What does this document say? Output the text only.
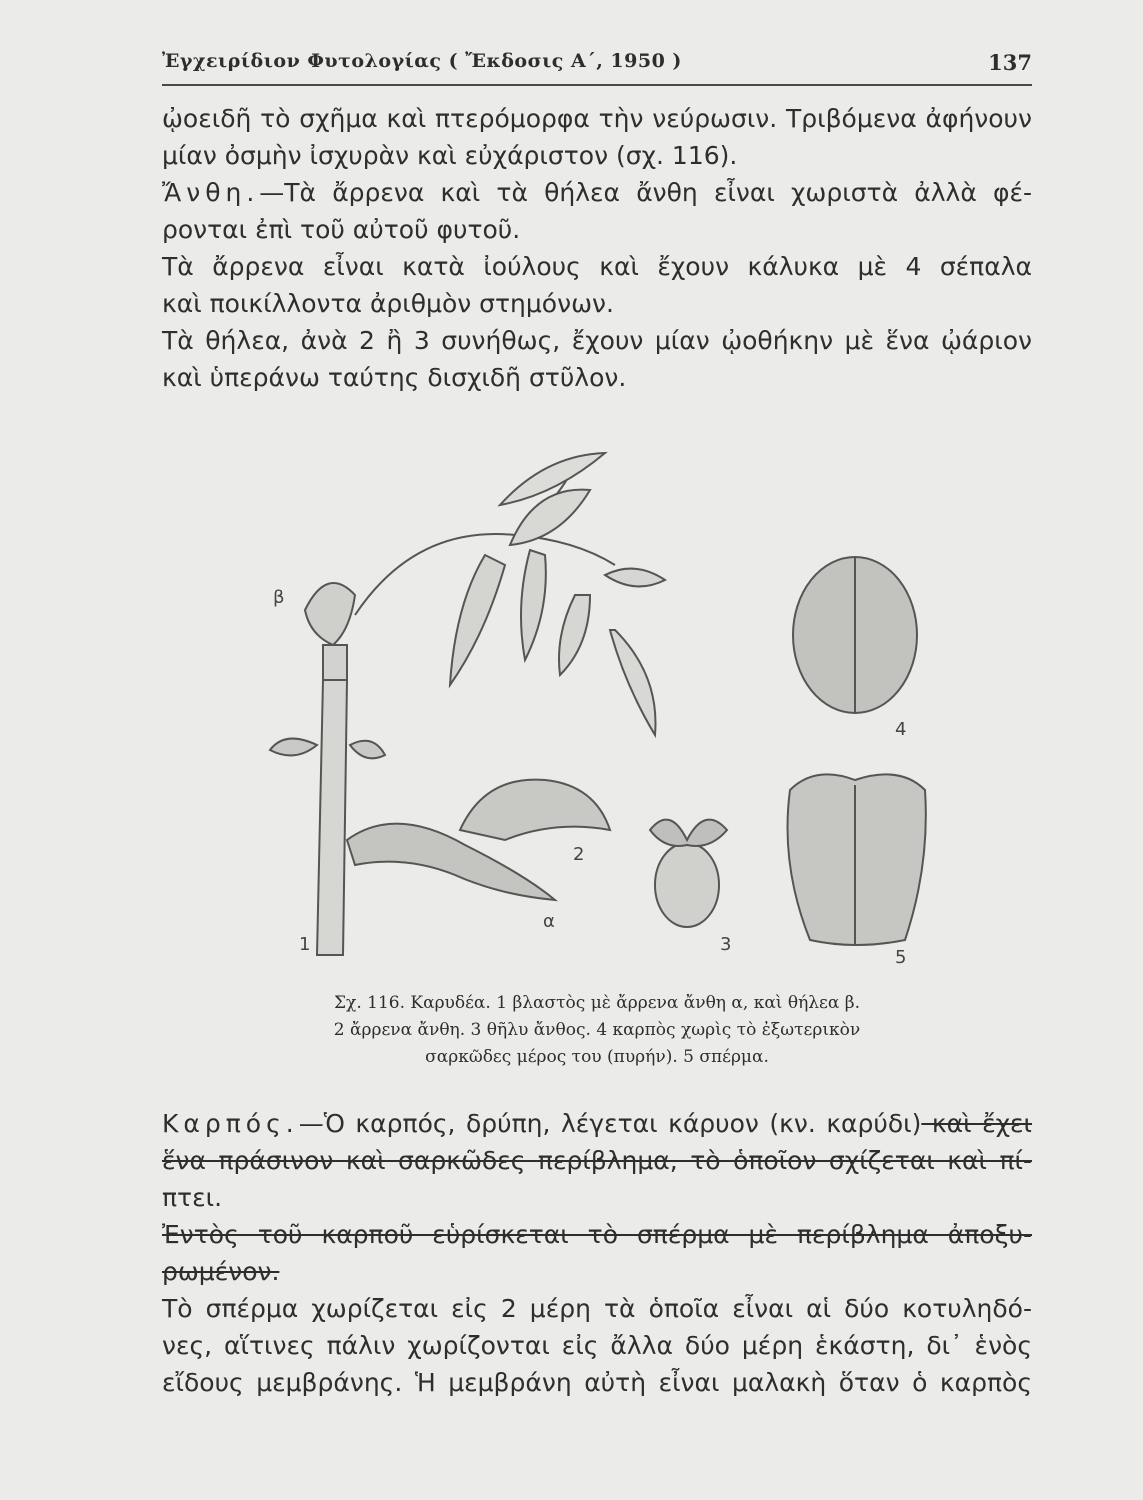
Ἐγχειρίδιον Φυτολογίας ( Ἔκδοσις Α΄, 1950 )	137
ᾠοειδῆ τὸ σχῆμα καὶ πτερόμορφα τὴν νεύρωσιν. Τριβόμενα ἀφήνουν
μίαν ὀσμὴν ἰσχυρὰν καὶ εὐχάριστον (σχ. 116).
Ἄνθη.—Τὰ ἄρρενα καὶ τὰ θήλεα ἄνθη εἶναι χωριστὰ ἀλλὰ φέ-
ρονται ἐπὶ τοῦ αὐτοῦ φυτοῦ.
Τὰ ἄρρενα εἶναι κατὰ ἰούλους καὶ ἔχουν κάλυκα μὲ 4 σέπαλα
καὶ ποικίλλοντα ἀριθμὸν στημόνων.
Τὰ θήλεα, ἀνὰ 2 ἢ 3 συνήθως, ἔχουν μίαν ᾠοθήκην μὲ ἕνα ᾠάριον
καὶ ὑπεράνω ταύτης δισχιδῆ στῦλον.
β
α
1
2
3
4
5
Σχ. 116. Καρυδέα. 1 βλαστὸς μὲ ἄρρενα ἄνθη α, καὶ θήλεα β.
2 ἄρρενα ἄνθη. 3 θῆλυ ἄνθος. 4 καρπὸς χωρὶς τὸ ἐξωτερικὸν
σαρκῶδες μέρος του (πυρήν). 5 σπέρμα.
Καρπός.—Ὁ καρπός, δρύπη, λέγεται κάρυον (κν. καρύδι) καὶ ἔχει
ἕνα πράσινον καὶ σαρκῶδες περίβλημα, τὸ ὁποῖον σχίζεται καὶ πί-
πτει.
Ἐντὸς τοῦ καρποῦ εὑρίσκεται τὸ σπέρμα μὲ περίβλημα ἀποξυ-
ρωμένον.
Τὸ σπέρμα χωρίζεται εἰς 2 μέρη τὰ ὁποῖα εἶναι αἱ δύο κοτυληδό-
νες, αἵτινες πάλιν χωρίζονται εἰς ἄλλα δύο μέρη ἑκάστη, δι᾽ ἑνὸς
εἴδους μεμβράνης. Ἡ μεμβράνη αὐτὴ εἶναι μαλακὴ ὅταν ὁ καρπὸς
